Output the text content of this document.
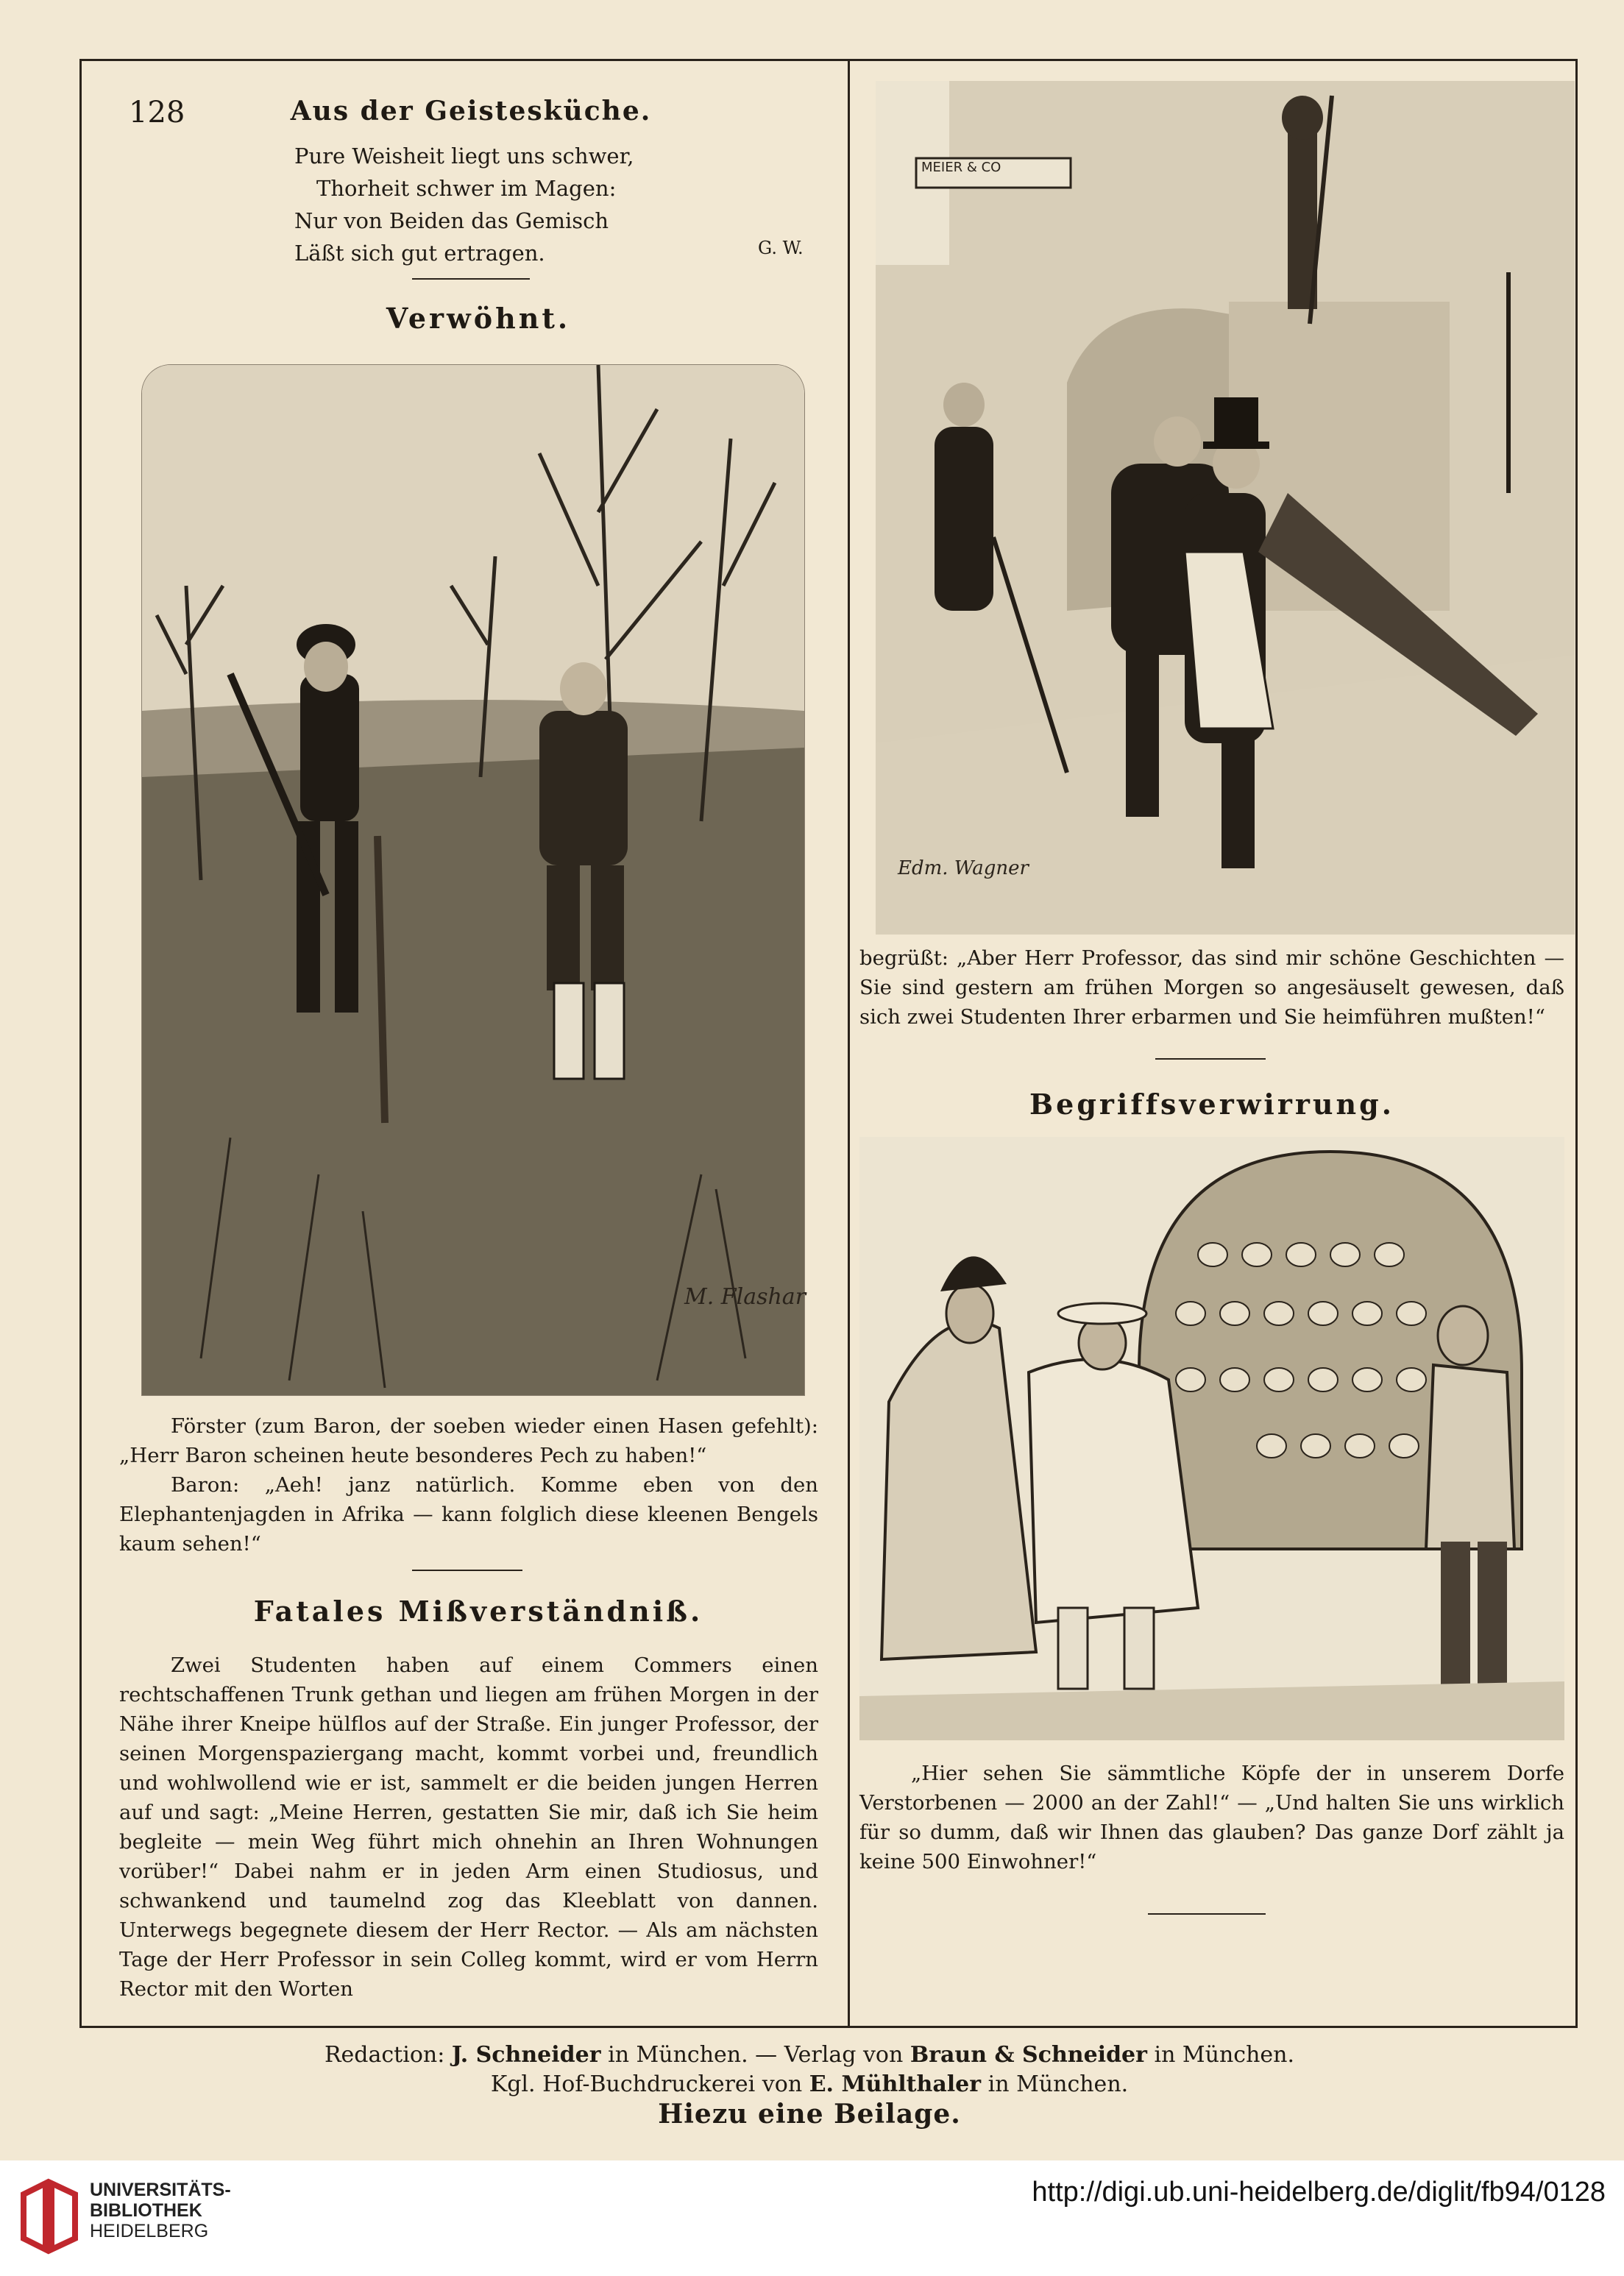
128	Aus der Geistesküche.
Pure Weisheit liegt uns schwer,
Thorheit schwer im Magen:
Nur von Beiden das Gemisch
Läßt sich gut ertragen.	G. W.
Verwöhnt.
M. Flashar

Förster (zum Baron, der soeben wieder einen Hasen gefehlt): „Herr Baron scheinen heute besonderes Pech zu haben!“

Baron: „Aeh! janz natürlich. Komme eben von den Elephantenjagden in Afrika — kann folglich diese kleenen Bengels kaum sehen!“

Fatales Mißverständniß.

Zwei Studenten haben auf einem Commers einen rechtschaffenen Trunk gethan und liegen am frühen Morgen in der Nähe ihrer Kneipe hülflos auf der Straße. Ein junger Professor, der seinen Morgenspaziergang macht, kommt vorbei und, freundlich und wohlwollend wie er ist, sammelt er die beiden jungen Herren auf und sagt: „Meine Herren, gestatten Sie mir, daß ich Sie heim begleite — mein Weg führt mich ohnehin an Ihren Wohnungen vorüber!“ Dabei nahm er in jeden Arm einen Studiosus, und schwankend und taumelnd zog das Kleeblatt von dannen. Unterwegs begegnete diesem der Herr Rector. — Als am nächsten Tage der Herr Professor in sein Colleg kommt, wird er vom Herrn Rector mit den Worten

Edm. Wagner
MEIER & CO

begrüßt: „Aber Herr Professor, das sind mir schöne Geschichten — Sie sind gestern am frühen Morgen so angesäuselt gewesen, daß sich zwei Studenten Ihrer erbarmen und Sie heimführen mußten!“

Begriffsverwirrung.

„Hier sehen Sie sämmtliche Köpfe der in unserem Dorfe Verstorbenen — 2000 an der Zahl!“ — „Und halten Sie uns wirklich für so dumm, daß wir Ihnen das glauben? Das ganze Dorf zählt ja keine 500 Einwohner!“

Redaction: J. Schneider in München. — Verlag von Braun & Schneider in München.
Kgl. Hof-Buchdruckerei von E. Mühlthaler in München.
Hiezu eine Beilage.
UNIVERSITÄTS-
BIBLIOTHEK
HEIDELBERG
http://digi.ub.uni-heidelberg.de/diglit/fb94/0128
